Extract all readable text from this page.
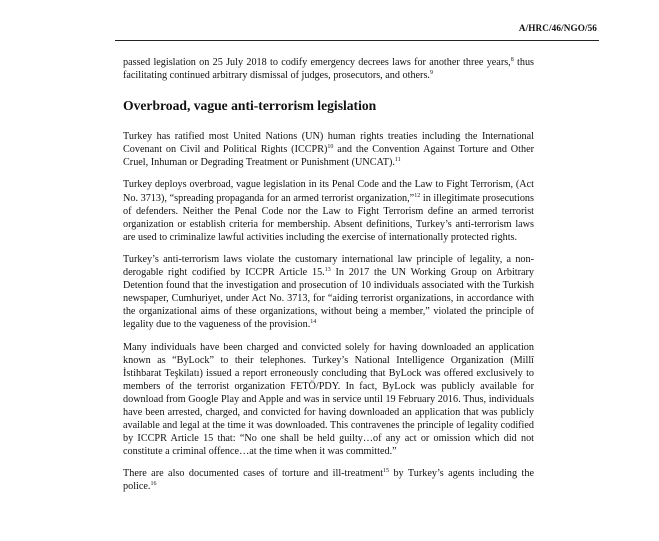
A/HRC/46/NGO/56

passed legislation on 25 July 2018 to codify emergency decrees laws for another three years,$^8$ thus facilitating continued arbitrary dismissal of judges, prosecutors, and others.$^9$

Overbroad, vague anti-terrorism legislation

Turkey has ratified most United Nations (UN) human rights treaties including the International Covenant on Civil and Political Rights (ICCPR)$^{10}$ and the Convention Against Torture and Other Cruel, Inhuman or Degrading Treatment or Punishment (UNCAT).$^{11}$

Turkey deploys overbroad, vague legislation in its Penal Code and the Law to Fight Terrorism, (Act No. 3713), “spreading propaganda for an armed terrorist organization,”$^{12}$ in illegitimate prosecutions of defenders. Neither the Penal Code nor the Law to Fight Terrorism define an armed terrorist organization or establish criteria for membership. Absent definitions, Turkey’s anti-terrorism laws are used to criminalize lawful activities including the exercise of internationally protected rights.

Turkey’s anti-terrorism laws violate the customary international law principle of legality, a non-derogable right codified by ICCPR Article 15.13 In 2017 the UN Working Group on Arbitrary Detention found that the investigation and prosecution of 10 individuals associated with the Turkish newspaper, Cumhuriyet, under Act No. 3713, for “aiding terrorist organizations, in accordance with the organizational aims of these organizations, without being a member,” violated the principle of legality due to the vagueness of the provision.$^{14}$

Many individuals have been charged and convicted solely for having downloaded an application known as “ByLock” to their telephones. Turkey’s National Intelligence Organization (Millî İstihbarat Teşkilatı) issued a report erroneously concluding that ByLock was offered exclusively to members of the terrorist organization FETÖ/PDY. In fact, ByLock was publicly available for download from Google Play and Apple and was in service until 19 February 2016. Thus, individuals have been arrested, charged, and convicted for having downloaded an application that was publicly available and legal at the time it was downloaded. This contravenes the principle of legality codified by ICCPR Article 15 that: “No one shall be held guilty…of any act or omission which did not constitute a criminal offence…at the time when it was committed.”

There are also documented cases of torture and ill-treatment$^{15}$ by Turkey’s agents including the police.$^{16}$
